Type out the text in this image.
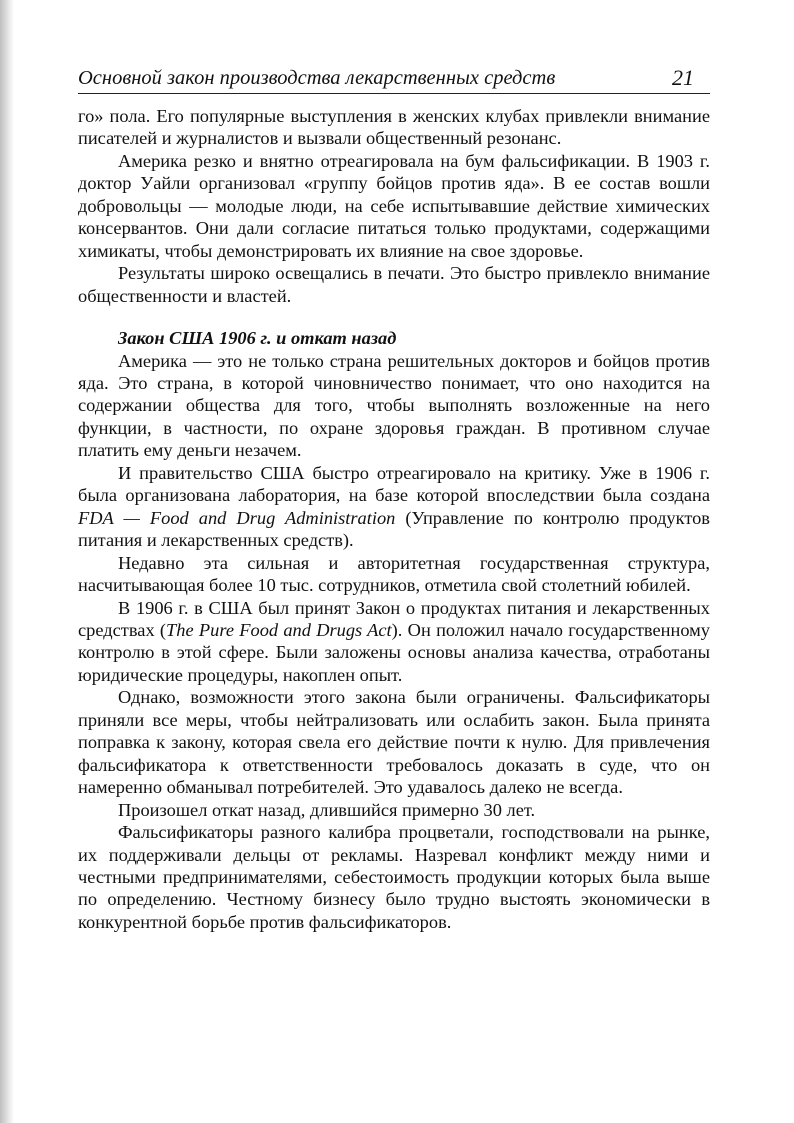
Основной закон производства лекарственных средств	21

го» пола. Его популярные выступления в женских клубах привлекли внимание писателей и журналистов и вызвали общественный резонанс.

Америка резко и внятно отреагировала на бум фальсификации. В 1903 г. доктор Уайли организовал «группу бойцов против яда». В ее состав вошли добровольцы — молодые люди, на себе испытывавшие действие химических консервантов. Они дали согласие питаться только продуктами, содержащими химикаты, чтобы демонстрировать их влияние на свое здоровье.

Результаты широко освещались в печати. Это быстро привлекло внимание общественности и властей.

Закон США 1906 г. и откат назад

Америка — это не только страна решительных докторов и бойцов против яда. Это страна, в которой чиновничество понимает, что оно находится на содержании общества для того, чтобы выполнять возложенные на него функции, в частности, по охране здоровья граждан. В противном случае платить ему деньги незачем.

И правительство США быстро отреагировало на критику. Уже в 1906 г. была организована лаборатория, на базе которой впоследствии была создана FDA — Food and Drug Administration (Управление по контролю продуктов питания и лекарственных средств).

Недавно эта сильная и авторитетная государственная структура, насчитывающая более 10 тыс. сотрудников, отметила свой столетний юбилей.

В 1906 г. в США был принят Закон о продуктах питания и лекарственных средствах (The Pure Food and Drugs Act). Он положил начало государственному контролю в этой сфере. Были заложены основы анализа качества, отработаны юридические процедуры, накоплен опыт.

Однако, возможности этого закона были ограничены. Фальсификаторы приняли все меры, чтобы нейтрализовать или ослабить закон. Была принята поправка к закону, которая свела его действие почти к нулю. Для привлечения фальсификатора к ответственности требовалось доказать в суде, что он намеренно обманывал потребителей. Это удавалось далеко не всегда.

Произошел откат назад, длившийся примерно 30 лет.

Фальсификаторы разного калибра процветали, господствовали на рынке, их поддерживали дельцы от рекламы. Назревал конфликт между ними и честными предпринимателями, себестоимость продукции которых была выше по определению. Честному бизнесу было трудно выстоять экономически в конкурентной борьбе против фальсификаторов.
